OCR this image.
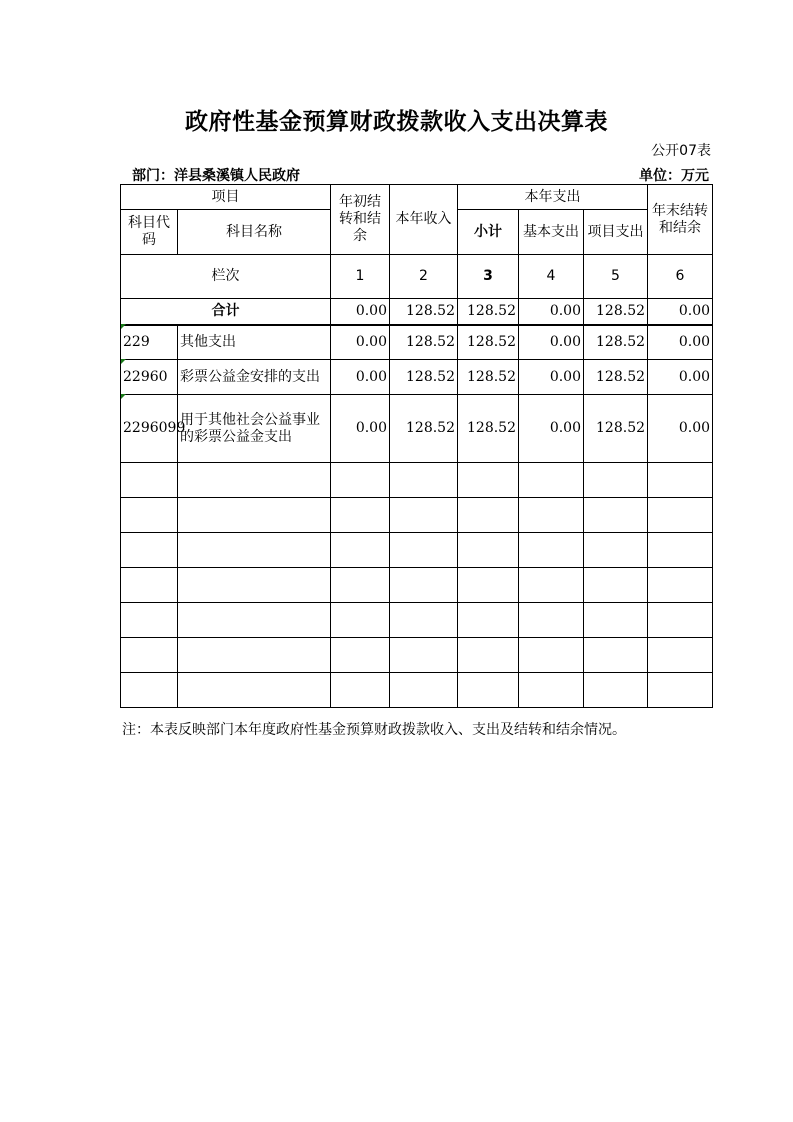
政府性基金预算财政拨款收入支出决算表
公开07表
部门：洋县桑溪镇人民政府	单位：万元
项目		年初结转和结余	本年收入	本年支出			年末结转和结余
科目代码	科目名称			小计	基本支出	项目支出	
栏次		1	2	3	4	5	6
合计		0.00	128.52	128.52	0.00	128.52	0.00
229	其他支出	0.00	128.52	128.52	0.00	128.52	0.00
22960	彩票公益金安排的支出	0.00	128.52	128.52	0.00	128.52	0.00
2296099	用于其他社会公益事业的彩票公益金支出	0.00	128.52	128.52	0.00	128.52	0.00

注：本表反映部门本年度政府性基金预算财政拨款收入、支出及结转和结余情况。
